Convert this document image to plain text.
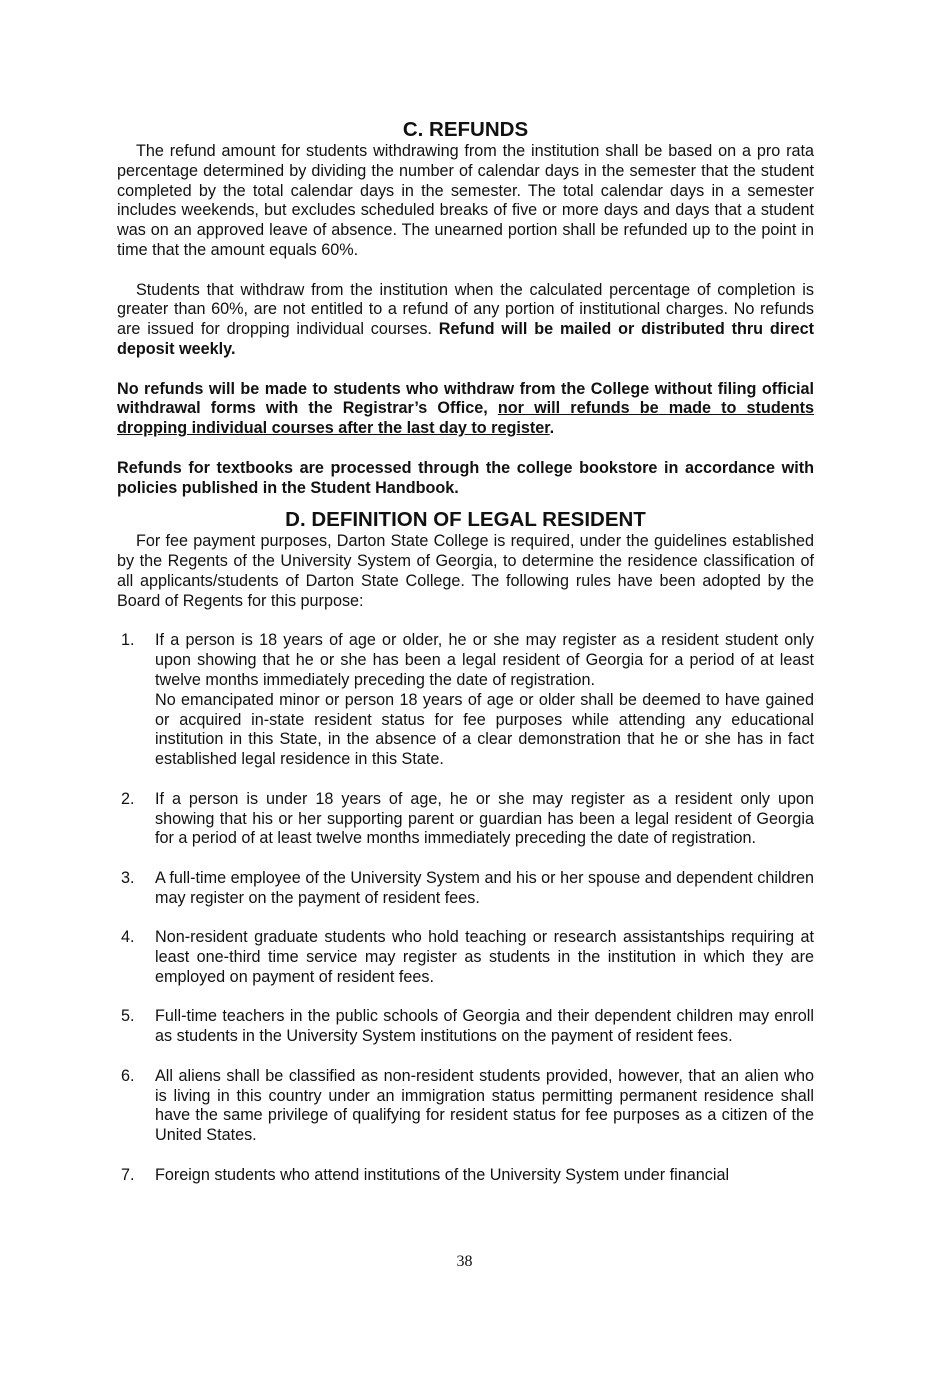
C. REFUNDS

The refund amount for students withdrawing from the institution shall be based on a pro rata percentage determined by dividing the number of calendar days in the semester that the student completed by the total calendar days in the semester. The total calendar days in a semester includes weekends, but excludes scheduled breaks of five or more days and days that a student was on an approved leave of absence. The unearned portion shall be refunded up to the point in time that the amount equals 60%.

Students that withdraw from the institution when the calculated percentage of completion is greater than 60%, are not entitled to a refund of any portion of institutional charges. No refunds are issued for dropping individual courses. Refund will be mailed or distributed thru direct deposit weekly.

No refunds will be made to students who withdraw from the College without filing official withdrawal forms with the Registrar’s Office, nor will refunds be made to students dropping individual courses after the last day to register.

Refunds for textbooks are processed through the college bookstore in accordance with policies published in the Student Handbook.

D. DEFINITION OF LEGAL RESIDENT

For fee payment purposes, Darton State College is required, under the guidelines established by the Regents of the University System of Georgia, to determine the residence classification of all applicants/students of Darton State College. The following rules have been adopted by the Board of Regents for this purpose:

1. If a person is 18 years of age or older, he or she may register as a resident student only upon showing that he or she has been a legal resident of Georgia for a period of at least twelve months immediately preceding the date of registration.
No emancipated minor or person 18 years of age or older shall be deemed to have gained or acquired in-state resident status for fee purposes while attending any educational institution in this State, in the absence of a clear demonstration that he or she has in fact established legal residence in this State.
2. If a person is under 18 years of age, he or she may register as a resident only upon showing that his or her supporting parent or guardian has been a legal resident of Georgia for a period of at least twelve months immediately preceding the date of registration.
3. A full-time employee of the University System and his or her spouse and dependent children may register on the payment of resident fees.
4. Non-resident graduate students who hold teaching or research assistantships requiring at least one-third time service may register as students in the institution in which they are employed on payment of resident fees.
5. Full-time teachers in the public schools of Georgia and their dependent children may enroll as students in the University System institutions on the payment of resident fees.
6. All aliens shall be classified as non-resident students provided, however, that an alien who is living in this country under an immigration status permitting permanent residence shall have the same privilege of qualifying for resident status for fee purposes as a citizen of the United States.
7. Foreign students who attend institutions of the University System under financial
38
